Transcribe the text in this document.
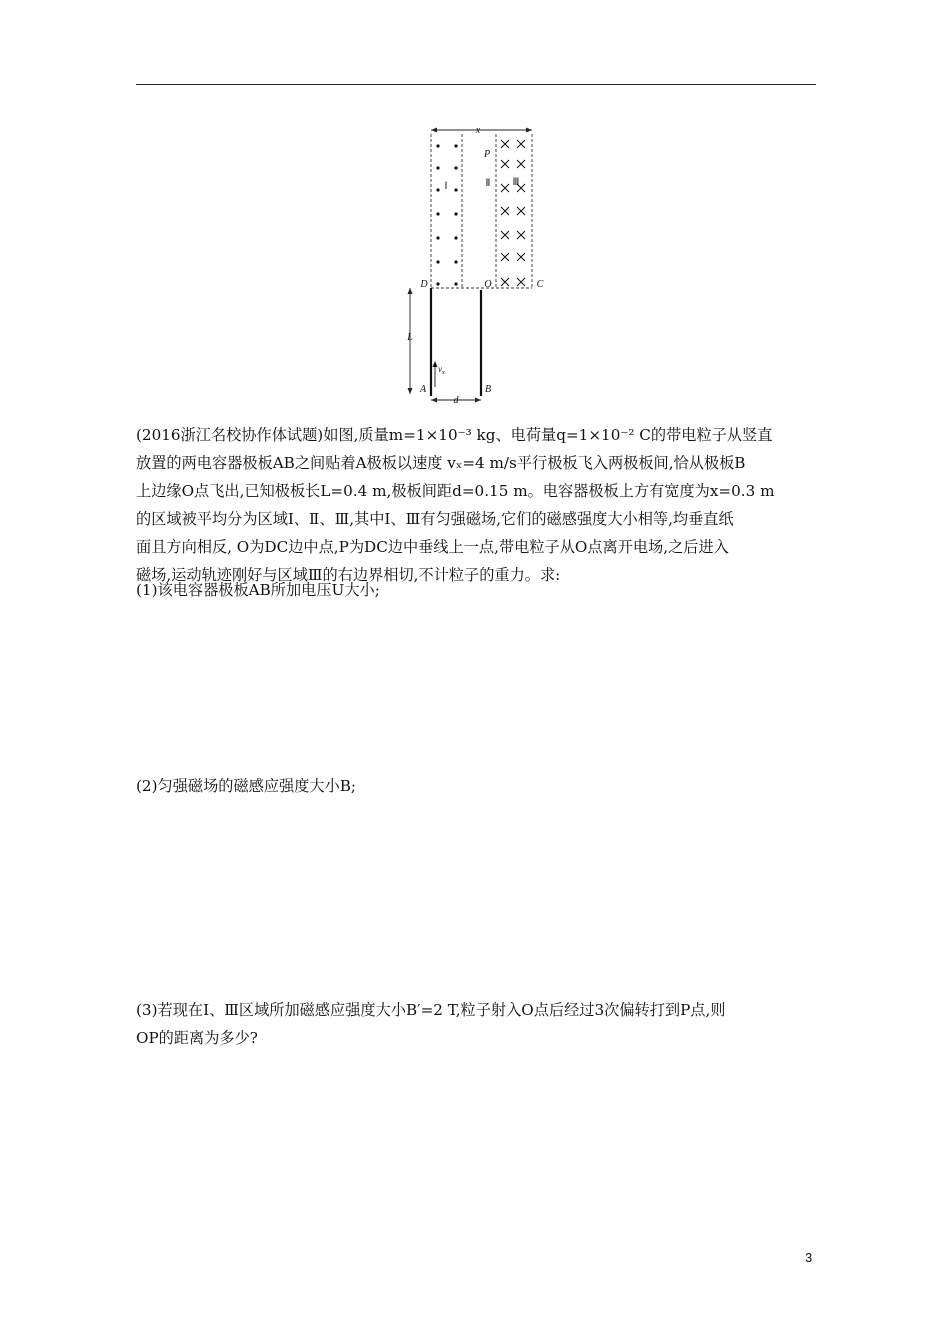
x
Ⅰ	Ⅱ Ⅲ
P
D	O	C
L
$v_x$
A	B
d

(2016浙江名校协作体试题)如图,质量m=1×10⁻³ kg、电荷量q=1×10⁻² C的带电粒子从竖直

放置的两电容器极板AB之间贴着A极板以速度 vₓ=4 m/s平行极板飞入两极板间,恰从极板B

上边缘O点飞出,已知极板长L=0.4 m,极板间距d=0.15 m。电容器极板上方有宽度为x=0.3 m

的区域被平均分为区域Ⅰ、Ⅱ、Ⅲ,其中Ⅰ、Ⅲ有匀强磁场,它们的磁感强度大小相等,均垂直纸

面且方向相反, O为DC边中点,P为DC边中垂线上一点,带电粒子从O点离开电场,之后进入

磁场,运动轨迹刚好与区域Ⅲ的右边界相切,不计粒子的重力。求:

(1)该电容器极板AB所加电压U大小;

(2)匀强磁场的磁感应强度大小B;

(3)若现在Ⅰ、Ⅲ区域所加磁感应强度大小B′=2 T,粒子射入O点后经过3次偏转打到P点,则

OP的距离为多少?

3
